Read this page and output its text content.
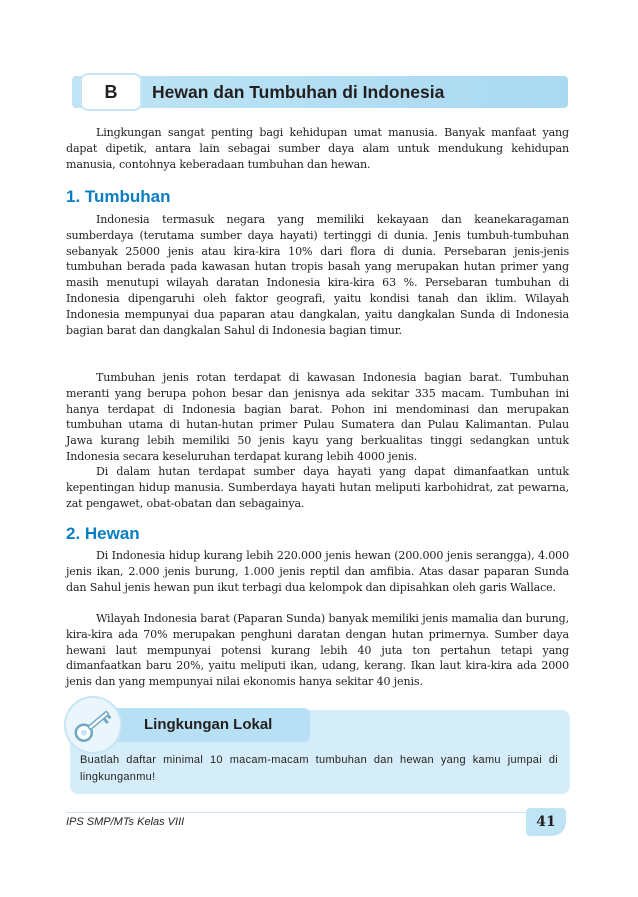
B	Hewan dan Tumbuhan di Indonesia

Lingkungan sangat penting bagi kehidupan umat manusia. Banyak manfaat yang dapat dipetik, antara lain sebagai sumber daya alam untuk mendukung kehidupan manusia, contohnya keberadaan tumbuhan dan hewan.

1. Tumbuhan

Indonesia termasuk negara yang memiliki kekayaan dan keanekaragaman sumberdaya (terutama sumber daya hayati) tertinggi di dunia. Jenis tumbuh-tumbuhan sebanyak 25000 jenis atau kira-kira 10% dari flora di dunia. Persebaran jenis-jenis tumbuhan berada pada kawasan hutan tropis basah yang merupakan hutan primer yang masih menutupi wilayah daratan Indonesia kira-kira 63 %. Persebaran tumbuhan di Indonesia dipengaruhi oleh faktor geografi, yaitu kondisi tanah dan iklim. Wilayah Indonesia mempunyai dua paparan atau dangkalan, yaitu dangkalan Sunda di Indonesia bagian barat dan dangkalan Sahul di Indonesia bagian timur.

Tumbuhan jenis rotan terdapat di kawasan Indonesia bagian barat. Tumbuhan meranti yang berupa pohon besar dan jenisnya ada sekitar 335 macam. Tumbuhan ini hanya terdapat di Indonesia bagian barat. Pohon ini mendominasi dan merupakan tumbuhan utama di hutan-hutan primer Pulau Sumatera dan Pulau Kalimantan. Pulau Jawa kurang lebih memiliki 50 jenis kayu yang berkualitas tinggi sedangkan untuk Indonesia secara keseluruhan terdapat kurang lebih 4000 jenis.

Di dalam hutan terdapat sumber daya hayati yang dapat dimanfaatkan untuk kepentingan hidup manusia. Sumberdaya hayati hutan meliputi karbohidrat, zat pewarna, zat pengawet, obat-obatan dan sebagainya.

2. Hewan

Di Indonesia hidup kurang lebih 220.000 jenis hewan (200.000 jenis serangga), 4.000 jenis ikan, 2.000 jenis burung, 1.000 jenis reptil dan amfibia. Atas dasar paparan Sunda dan Sahul jenis hewan pun ikut terbagi dua kelompok dan dipisahkan oleh garis Wallace.

Wilayah Indonesia barat (Paparan Sunda) banyak memiliki jenis mamalia dan burung, kira-kira ada 70% merupakan penghuni daratan dengan hutan primernya. Sumber daya hewani laut mempunyai potensi kurang lebih 40 juta ton pertahun tetapi yang dimanfaatkan baru 20%, yaitu meliputi ikan, udang, kerang. Ikan laut kira-kira ada 2000 jenis dan yang mempunyai nilai ekonomis hanya sekitar 40 jenis.

Lingkungan Lokal

Buatlah daftar minimal 10 macam-macam tumbuhan dan hewan yang kamu jumpai di lingkunganmu!

IPS SMP/MTs Kelas VIII	41
